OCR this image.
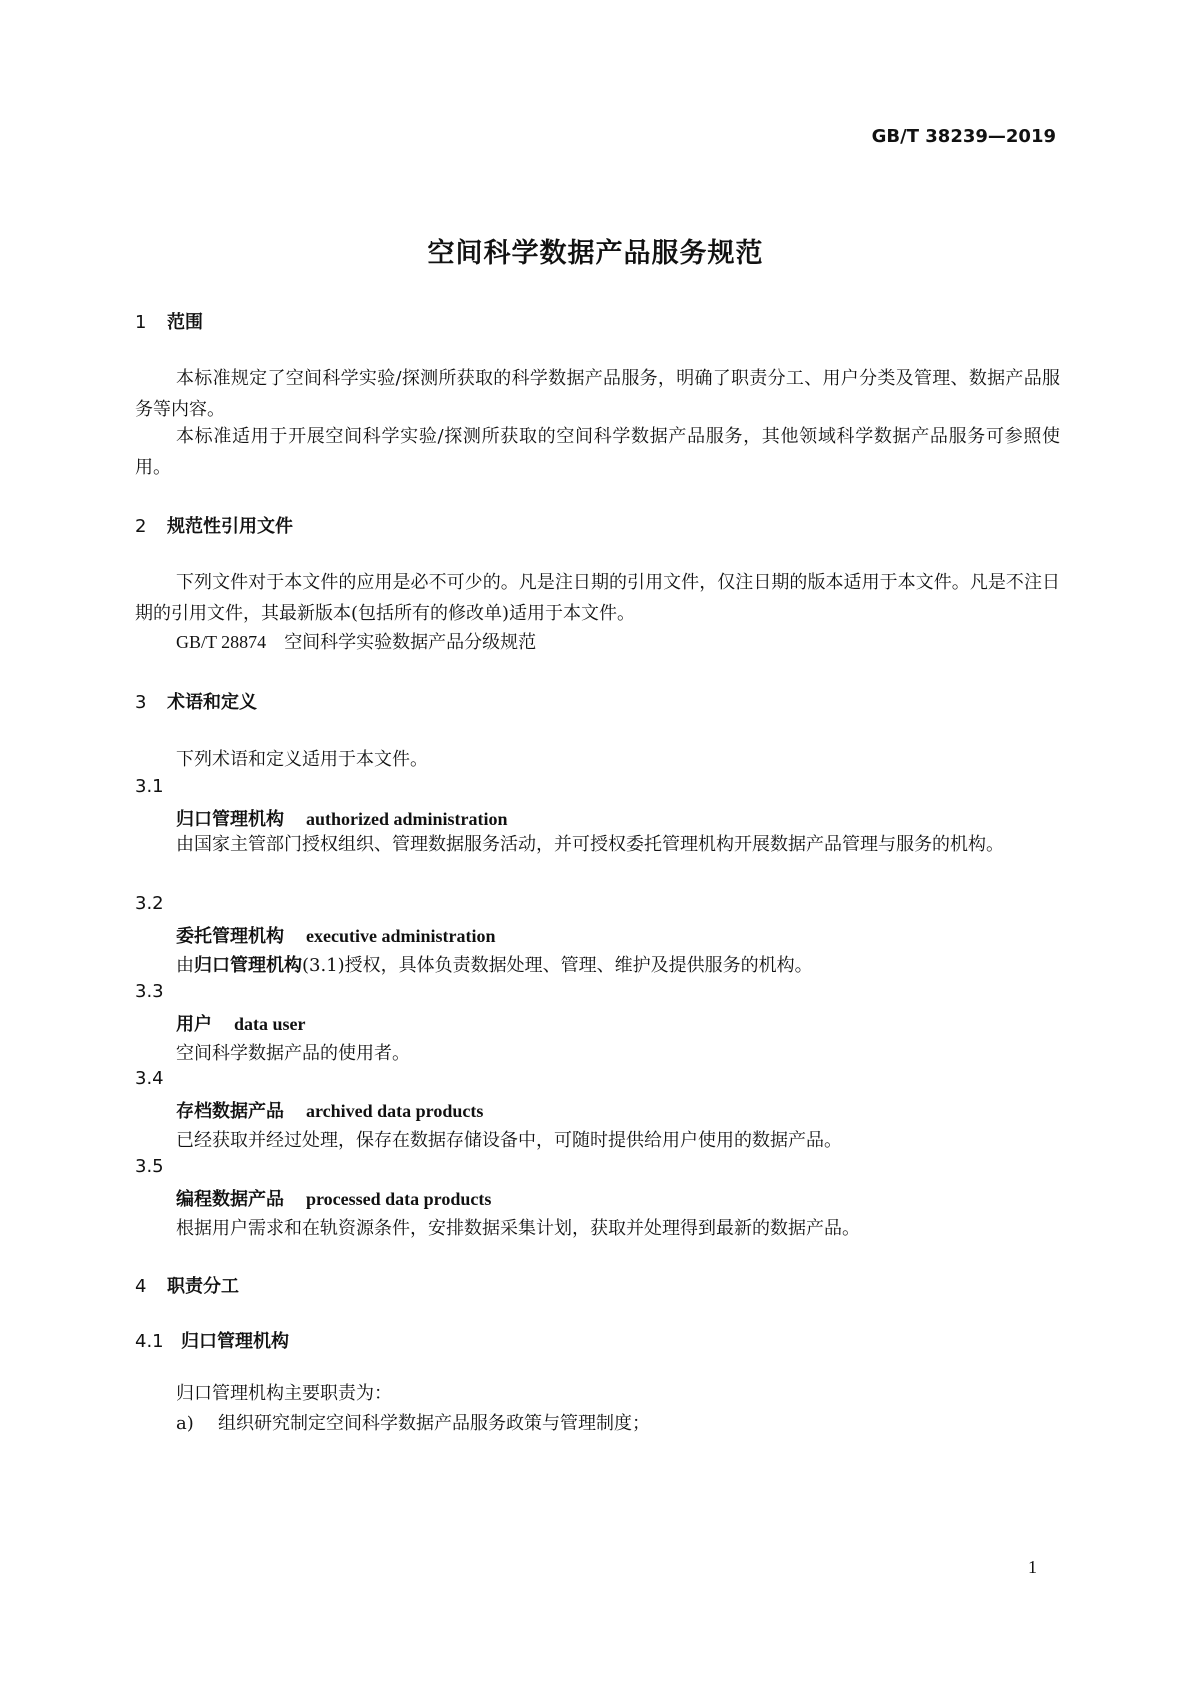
GB/T 38239—2019
空间科学数据产品服务规范
1 范围
本标准规定了空间科学实验/探测所获取的科学数据产品服务，明确了职责分工、用户分类及管理、数据产品服务等内容。
本标准适用于开展空间科学实验/探测所获取的空间科学数据产品服务，其他领域科学数据产品服务可参照使用。
2 规范性引用文件
下列文件对于本文件的应用是必不可少的。凡是注日期的引用文件，仅注日期的版本适用于本文件。凡是不注日期的引用文件，其最新版本(包括所有的修改单)适用于本文件。
GB/T 28874 空间科学实验数据产品分级规范
3 术语和定义
下列术语和定义适用于本文件。
3.1
归口管理机构 authorized administration
由国家主管部门授权组织、管理数据服务活动，并可授权委托管理机构开展数据产品管理与服务的机构。
3.2
委托管理机构 executive administration
由归口管理机构(3.1)授权，具体负责数据处理、管理、维护及提供服务的机构。
3.3
用户 data user
空间科学数据产品的使用者。
3.4
存档数据产品 archived data products
已经获取并经过处理，保存在数据存储设备中，可随时提供给用户使用的数据产品。
3.5
编程数据产品 processed data products
根据用户需求和在轨资源条件，安排数据采集计划，获取并处理得到最新的数据产品。
4 职责分工
4.1 归口管理机构
归口管理机构主要职责为：
a) 组织研究制定空间科学数据产品服务政策与管理制度；
1
